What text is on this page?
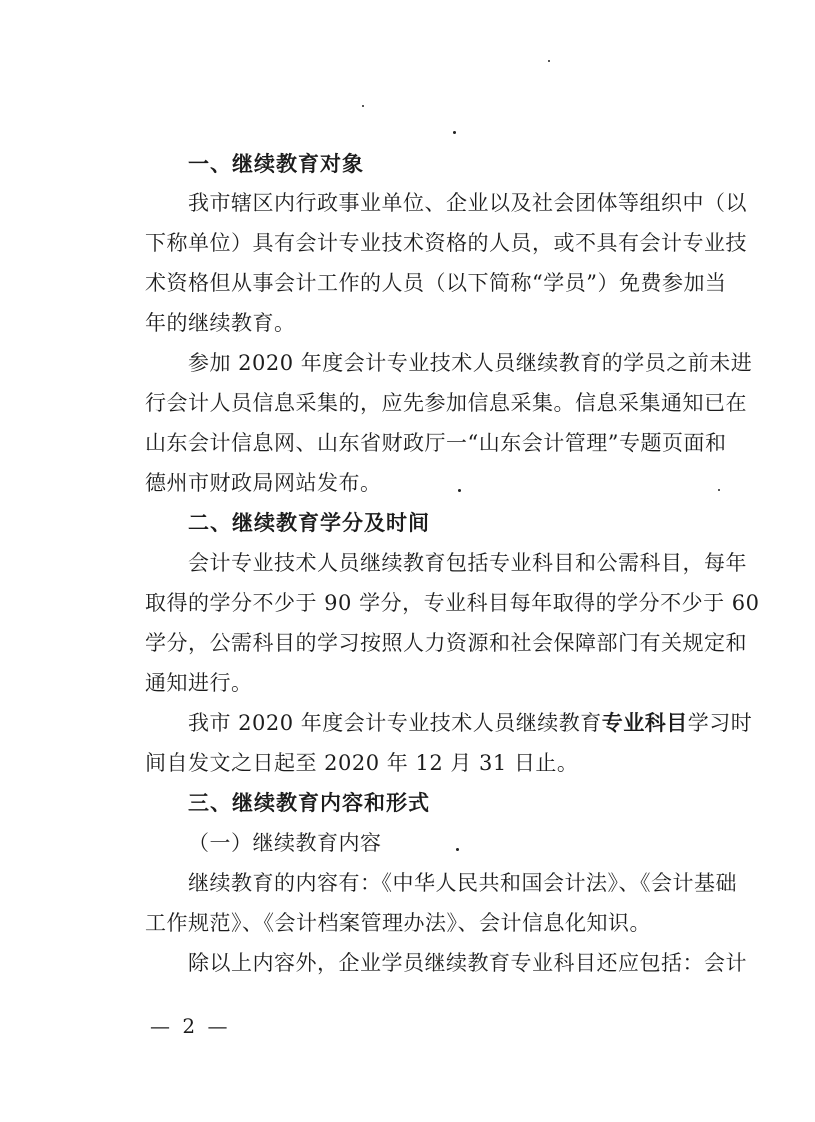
一、继续教育对象
我市辖区内行政事业单位、企业以及社会团体等组织中（以
下称单位）具有会计专业技术资格的人员，或不具有会计专业技
术资格但从事会计工作的人员（以下简称“学员”）免费参加当
年的继续教育。
参加 2020 年度会计专业技术人员继续教育的学员之前未进
行会计人员信息采集的，应先参加信息采集。信息采集通知已在
山东会计信息网、山东省财政厅一“山东会计管理”专题页面和
德州市财政局网站发布。
二、继续教育学分及时间
会计专业技术人员继续教育包括专业科目和公需科目，每年
取得的学分不少于 90 学分，专业科目每年取得的学分不少于 60
学分，公需科目的学习按照人力资源和社会保障部门有关规定和
通知进行。
我市 2020 年度会计专业技术人员继续教育专业科目学习时
间自发文之日起至 2020 年 12 月 31 日止。
三、继续教育内容和形式
（一）继续教育内容
继续教育的内容有：《中华人民共和国会计法》、《会计基础
工作规范》、《会计档案管理办法》、会计信息化知识。
除以上内容外，企业学员继续教育专业科目还应包括：会计
— 2 —
